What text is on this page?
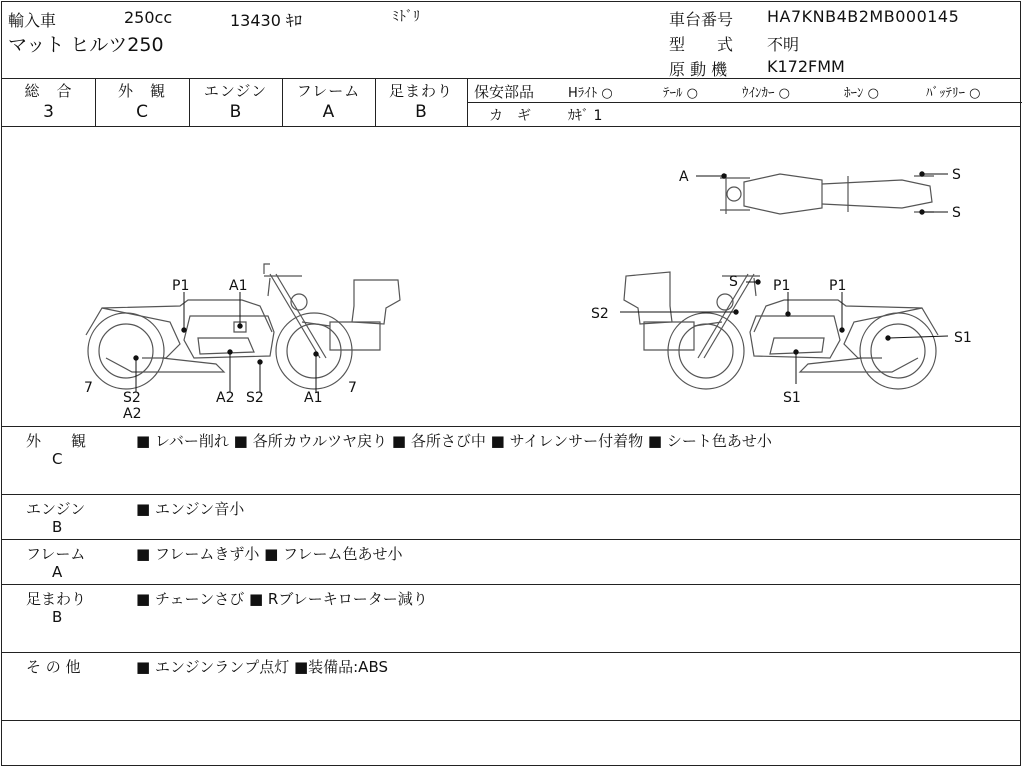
輸入車	250cc	13430 ｷﾛ	ﾐﾄﾞﾘ
マット ヒルツ250
車台番号 HA7KNB4B2MB000145
型　　式 不明
原 動 機 K172FMM
総　合
3
外　観
C
エンジン
B
フレーム
A
足まわり
B
保安部品	Hﾗｲﾄ ○	ﾃｰﾙ ○	ｳｲﾝｶｰ ○	ﾎｰﾝ ○	ﾊﾞｯﾃﾘｰ ○
カ　ギ	ｶｷﾞ 1
P1	A1
7
S2
A2
A2 S2	A1
7
S	P1	P1
S2
S1
S1
A	S
S
外　　観
C
■ レバー削れ ■ 各所カウルツヤ戻り ■ 各所さび中 ■ サイレンサー付着物 ■ シート色あせ小
エンジン
B
■ エンジン音小
フレーム
A
■ フレームきず小 ■ フレーム色あせ小
足まわり
B
■ チェーンさび ■ Rブレーキローター減り
そ の 他	■ エンジンランプ点灯 ■装備品:ABS
